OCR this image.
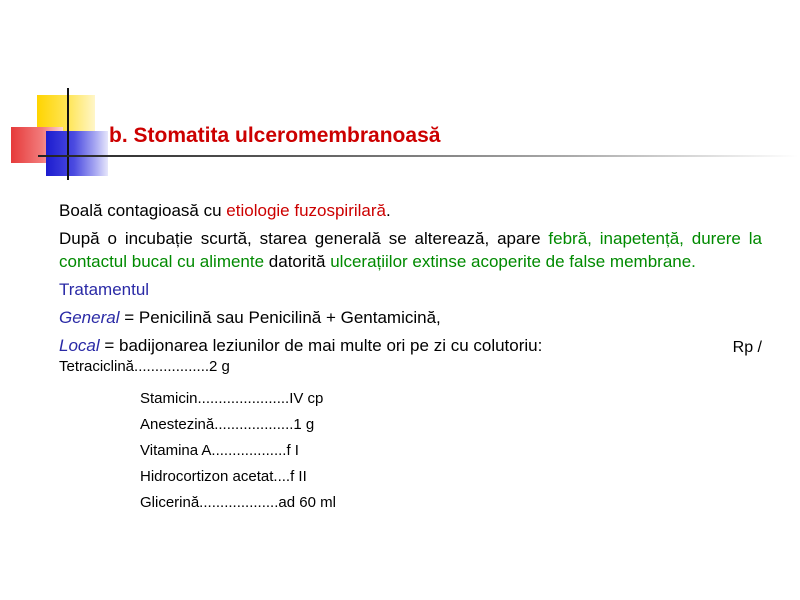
b. Stomatita ulceromembranoasă

Boală contagioasă cu etiologie fuzospirilară.

După o incubație scurtă, starea generală se alterează, apare febră, inapetență, durere la contactul bucal cu alimente datorită ulcerațiilor extinse acoperite de false membrane.

Tratamentul

General = Penicilină sau Penicilină + Gentamicină,

Local = badijonarea leziunilor de mai multe ori pe zi cu colutoriu:	Rp /

Tetraciclină..................2 g

Stamicin......................IV cp
Anestezină...................1 g
Vitamina A..................f I
Hidrocortizon acetat....f II
Glicerină...................ad 60 ml
